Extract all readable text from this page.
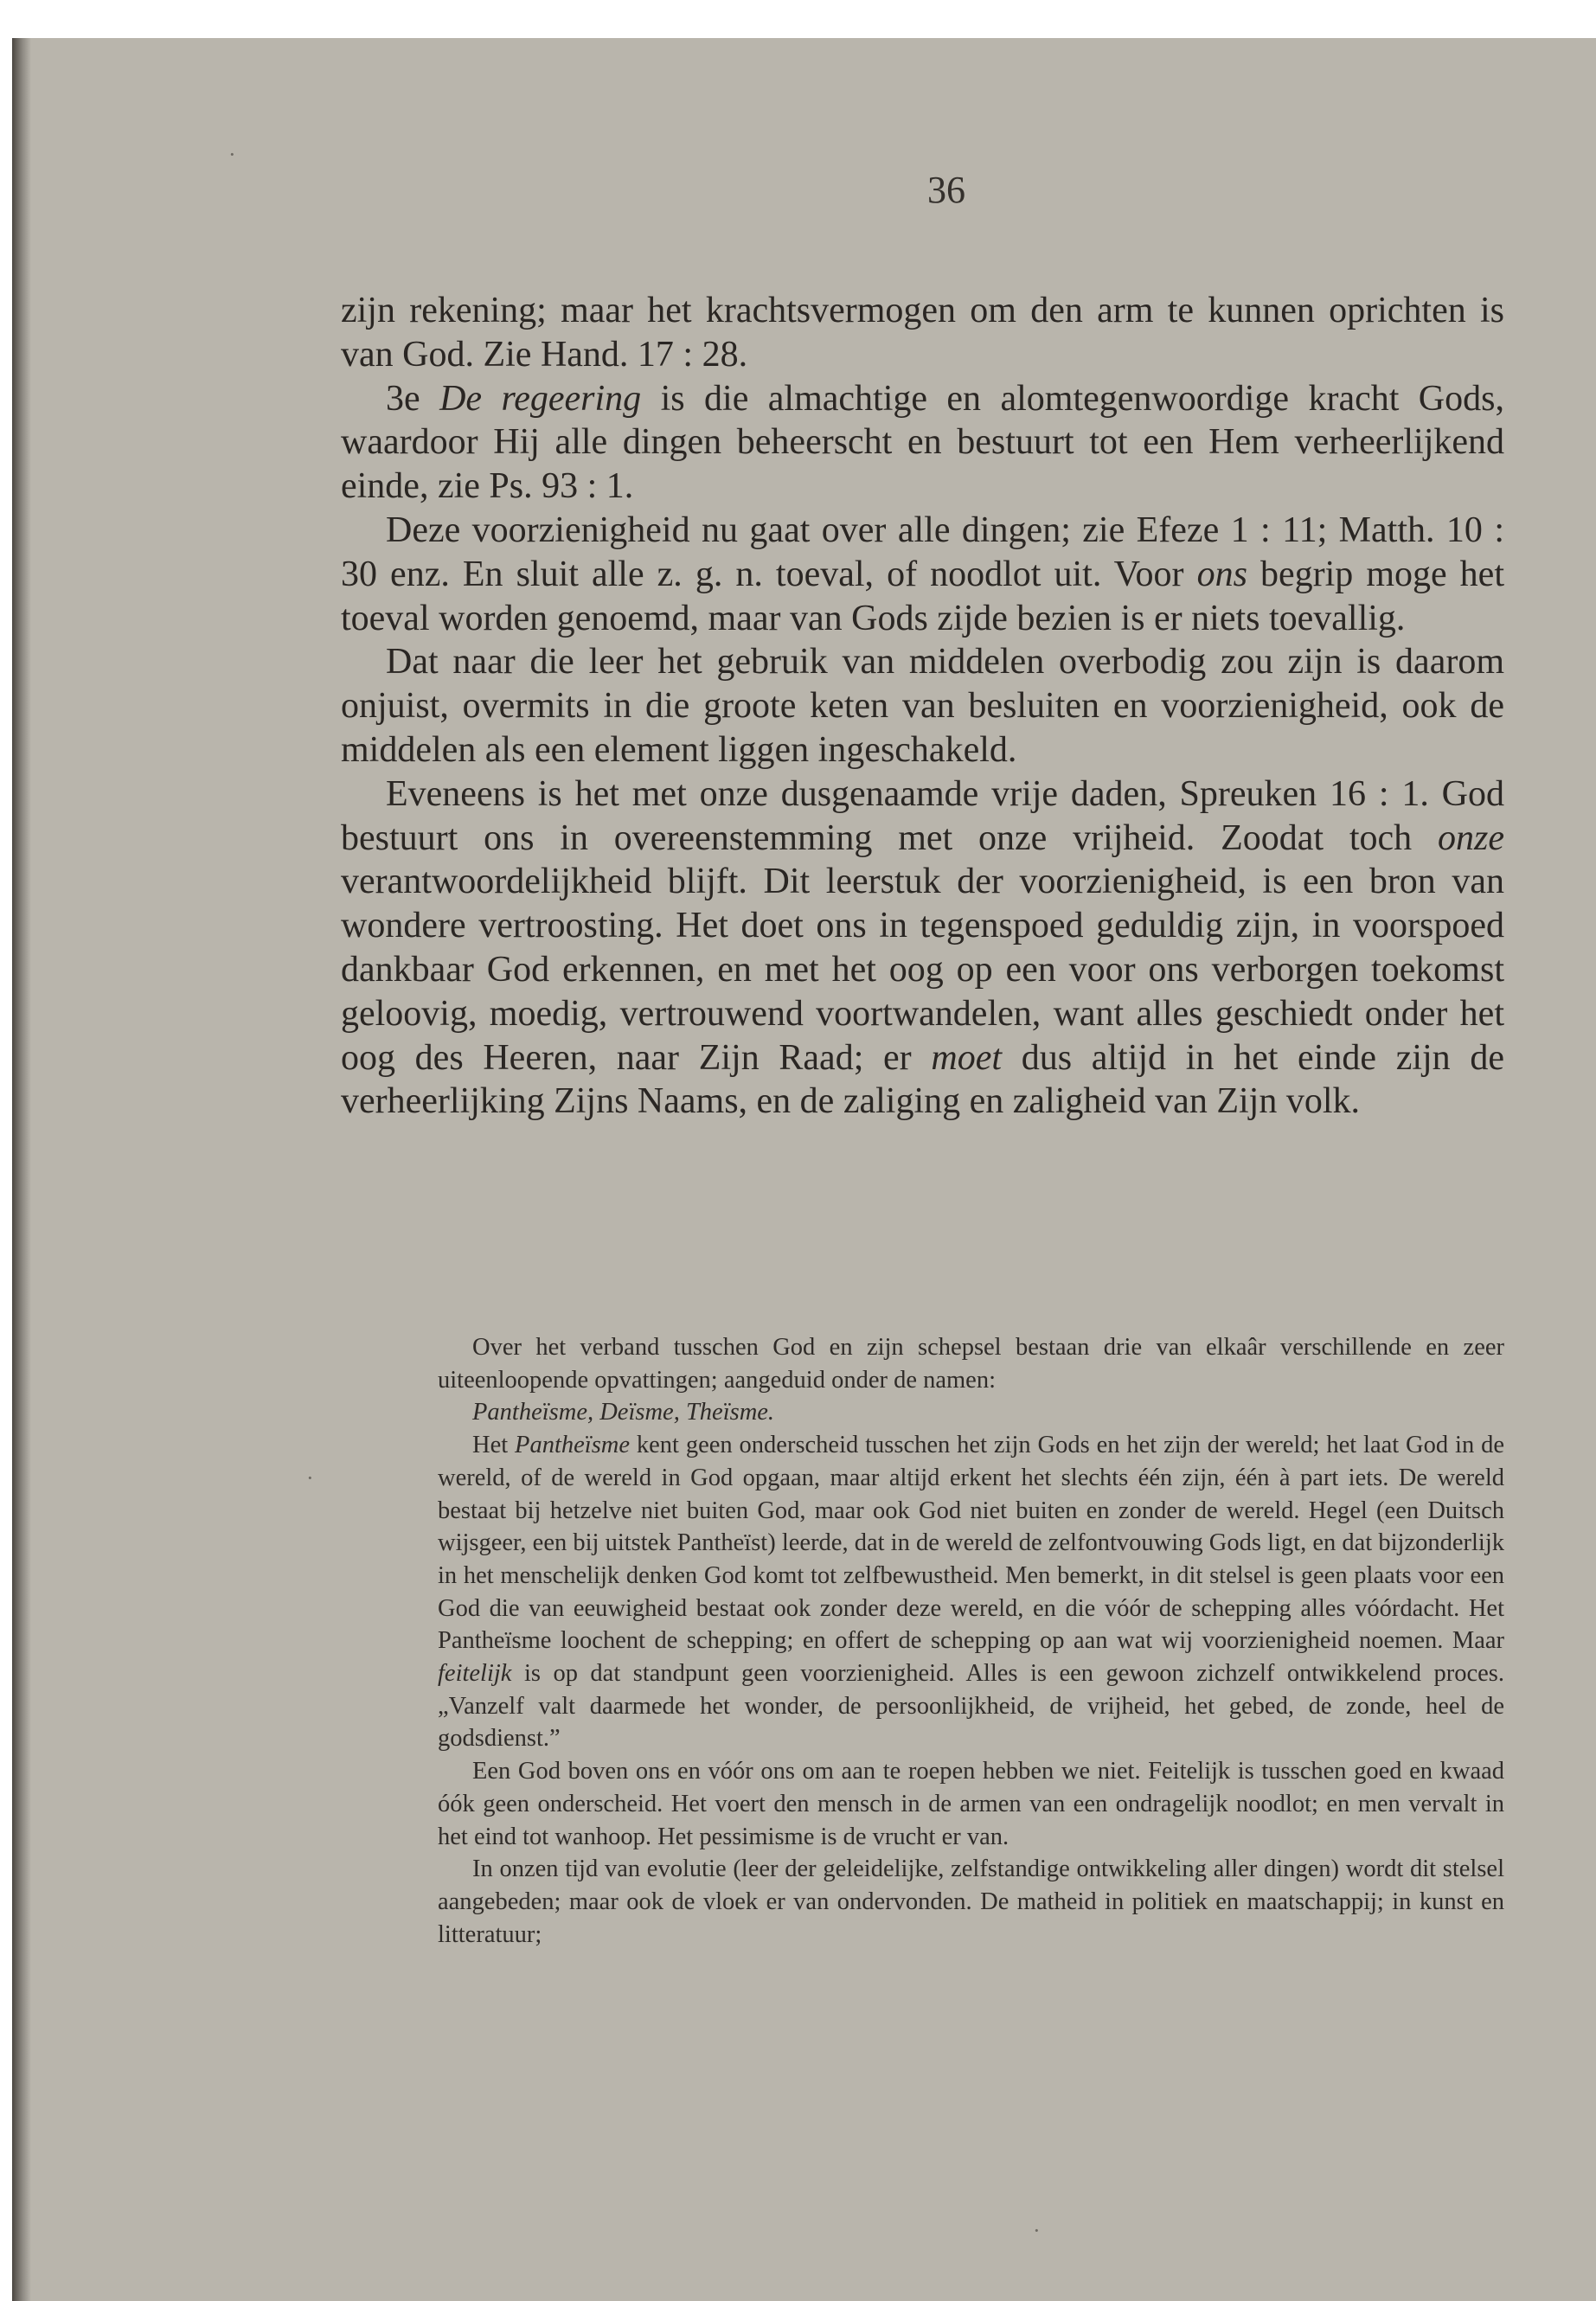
36

zijn rekening; maar het krachtsvermogen om den arm te kunnen oprichten is van God. Zie Hand. 17 : 28.

3e De regeering is die almachtige en alomtegenwoordige kracht Gods, waardoor Hij alle dingen beheerscht en bestuurt tot een Hem verheerlijkend einde, zie Ps. 93 : 1.

Deze voorzienigheid nu gaat over alle dingen; zie Efeze 1 : 11; Matth. 10 : 30 enz. En sluit alle z. g. n. toeval, of noodlot uit. Voor ons begrip moge het toeval worden genoemd, maar van Gods zijde bezien is er niets toevallig.

Dat naar die leer het gebruik van middelen overbodig zou zijn is daarom onjuist, overmits in die groote keten van besluiten en voorzienigheid, ook de middelen als een element liggen ingeschakeld.

Eveneens is het met onze dusgenaamde vrije daden, Spreuken 16 : 1. God bestuurt ons in overeenstemming met onze vrijheid. Zoodat toch onze verantwoordelijkheid blijft. Dit leerstuk der voorzienigheid, is een bron van wondere vertroosting. Het doet ons in tegenspoed geduldig zijn, in voorspoed dankbaar God erkennen, en met het oog op een voor ons verborgen toekomst geloovig, moedig, vertrouwend voortwandelen, want alles geschiedt onder het oog des Heeren, naar Zijn Raad; er moet dus altijd in het einde zijn de verheerlijking Zijns Naams, en de zaliging en zaligheid van Zijn volk.

Over het verband tusschen God en zijn schepsel bestaan drie van elkaâr verschillende en zeer uiteenloopende opvattingen; aangeduid onder de namen:
Pantheïsme, Deïsme, Theïsme.

Het Pantheïsme kent geen onderscheid tusschen het zijn Gods en het zijn der wereld; het laat God in de wereld, of de wereld in God opgaan, maar altijd erkent het slechts één zijn, één à part iets. De wereld bestaat bij hetzelve niet buiten God, maar ook God niet buiten en zonder de wereld. Hegel (een Duitsch wijsgeer, een bij uitstek Pantheïst) leerde, dat in de wereld de zelfontvouwing Gods ligt, en dat bijzonderlijk in het menschelijk denken God komt tot zelfbewustheid. Men bemerkt, in dit stelsel is geen plaats voor een God die van eeuwigheid bestaat ook zonder deze wereld, en die vóór de schepping alles vóórdacht. Het Pantheïsme loochent de schepping; en offert de schepping op aan wat wij voorzienigheid noemen. Maar feitelijk is op dat standpunt geen voorzienigheid. Alles is een gewoon zichzelf ontwikkelend proces. „Vanzelf valt daarmede het wonder, de persoonlijkheid, de vrijheid, het gebed, de zonde, heel de godsdienst.”

Een God boven ons en vóór ons om aan te roepen hebben we niet. Feitelijk is tusschen goed en kwaad óók geen onderscheid. Het voert den mensch in de armen van een ondragelijk noodlot; en men vervalt in het eind tot wanhoop. Het pessimisme is de vrucht er van.

In onzen tijd van evolutie (leer der geleidelijke, zelfstandige ontwikkeling aller dingen) wordt dit stelsel aangebeden; maar ook de vloek er van ondervonden. De matheid in politiek en maatschappij; in kunst en litteratuur;

·
·
·
